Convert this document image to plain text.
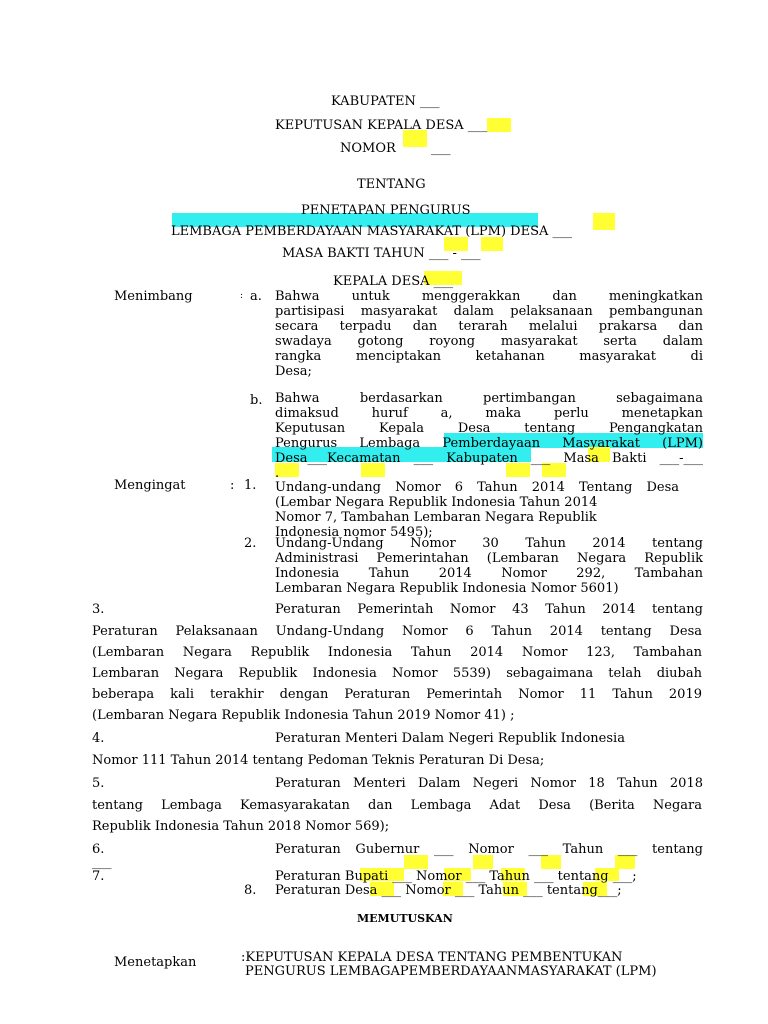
KABUPATEN ___
KEPUTUSAN KEPALA DESA ___
NOMOR	___
TENTANG
PENETAPAN PENGURUS
LEMBAGA PEMBERDAYAAN MASYARAKAT (LPM) DESA ___
MASA BAKTI TAHUN ___ - ___
KEPALA DESA ___
Menimbang	: a. Bahwa untuk menggerakkan dan meningkatkan
partisipasi masyarakat dalam pelaksanaan pembangunan
secara terpadu dan terarah melalui prakarsa dan
swadaya gotong royong masyarakat serta dalam
rangka menciptakan ketahanan masyarakat di
Desa;
b. Bahwa berdasarkan pertimbangan sebagaimana
dimaksud huruf a, maka perlu menetapkan
Keputusan Kepala Desa tentang Pengangkatan
Pengurus Lembaga Pemberdayaan Masyarakat (LPM)
Desa___Kecamatan ___ Kabupaten ___ Masa Bakti ___-___
.
Mengingat	: 1. Undang-undang Nomor 6 Tahun 2014 Tentang Desa
(Lembar Negara Republik Indonesia Tahun 2014
Nomor 7, Tambahan Lembaran Negara Republik
Indonesia nomor 5495);
2. Undang-Undang Nomor 30 Tahun 2014 tentang
Administrasi Pemerintahan (Lembaran Negara Republik
Indonesia Tahun 2014 Nomor 292, Tambahan
Lembaran Negara Republik Indonesia Nomor 5601)
3.	Peraturan Pemerintah Nomor 43 Tahun 2014 tentang
Peraturan Pelaksanaan Undang-Undang Nomor 6 Tahun 2014 tentang Desa
(Lembaran Negara Republik Indonesia Tahun 2014 Nomor 123, Tambahan
Lembaran Negara Republik Indonesia Nomor 5539) sebagaimana telah diubah
beberapa kali terakhir dengan Peraturan Pemerintah Nomor 11 Tahun 2019
(Lembaran Negara Republik Indonesia Tahun 2019 Nomor 41) ;
4.	Peraturan Menteri Dalam Negeri Republik Indonesia
Nomor 111 Tahun 2014 tentang Pedoman Teknis Peraturan Di Desa;
5.	Peraturan Menteri Dalam Negeri Nomor 18 Tahun 2018
tentang Lembaga Kemasyarakatan dan Lembaga Adat Desa (Berita Negara
Republik Indonesia Tahun 2018 Nomor 569);
6.	Peraturan Gubernur ___ Nomor ___ Tahun ___ tentang
___
7.	Peraturan Bupati ___ Nomor ___ Tahun ___ tentang ___;
8. Peraturan Desa ___ Nomor ___ Tahun ___ tentang___;
MEMUTUSKAN
Menetapkan	:KEPUTUSAN KEPALA DESA TENTANG PEMBENTUKAN
PENGURUS LEMBAGAPEMBERDAYAANMASYARAKAT (LPM)
